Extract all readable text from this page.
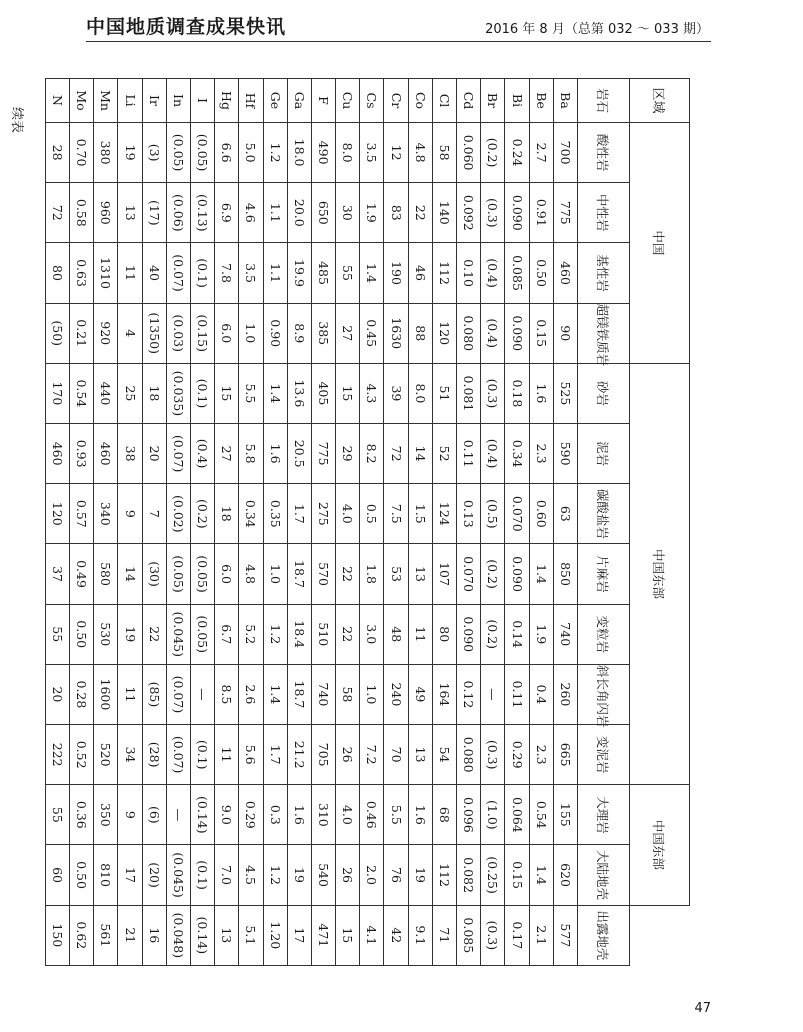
中国地质调查成果快讯	2016 年 8 月（总第 032 ～ 033 期）
续表
区域	中国				中国东部							中国东部		
岩石	酸性岩	中性岩	基性岩	超镁铁质岩	砂岩	泥岩	碳酸盐岩	片麻岩	变粒岩	斜长角闪岩	变泥岩	大理岩	大陆地壳	出露地壳
Ba	700	775	460	90	525	590	63	850	740	260	665	155	620	577
Be	2.7	0.91	0.50	0.15	1.6	2.3	0.60	1.4	1.9	0.4	2.3	0.54	1.4	2.1
Bi	0.24	0.090	0.085	0.090	0.18	0.34	0.070	0.090	0.14	0.11	0.29	0.064	0.15	0.17
Br	(0.2)	(0.3)	(0.4)	(0.4)	(0.3)	(0.4)	(0.5)	(0.2)	(0.2)	—	(0.3)	(1.0)	(0.25)	(0.3)
Cd	0.060	0.092	0.10	0.080	0.081	0.11	0.13	0.070	0.090	0.12	0.080	0.096	0.082	0.085
Cl	58	140	112	120	51	52	124	107	80	164	54	68	112	71
Co	4.8	22	46	88	8.0	14	1.5	13	11	49	13	1.6	19	9.1
Cr	12	83	190	1630	39	72	7.5	53	48	240	70	5.5	76	42
Cs	3.5	1.9	1.4	0.45	4.3	8.2	0.5	1.8	3.0	1.0	7.2	0.46	2.0	4.1
Cu	8.0	30	55	27	15	29	4.0	22	22	58	26	4.0	26	15
F	490	650	485	385	405	775	275	570	510	740	705	310	540	471
Ga	18.0	20.0	19.9	8.9	13.6	20.5	1.7	18.7	18.4	18.7	21.2	1.6	19	17
Ge	1.2	1.1	1.1	0.90	1.4	1.6	0.35	1.0	1.2	1.4	1.7	0.3	1.2	1.20
Hf	5.0	4.6	3.5	1.0	5.5	5.8	0.34	4.8	5.2	2.6	5.6	0.29	4.5	5.1
Hg	6.6	6.9	7.8	6.0	15	27	18	6.0	6.7	8.5	11	9.0	7.0	13
I	(0.05)	(0.13)	(0.1)	(0.15)	(0.1)	(0.4)	(0.2)	(0.05)	(0.05)	—	(0.1)	(0.14)	(0.1)	(0.14)
In	(0.05)	(0.06)	(0.07)	(0.03)	(0.035)	(0.07)	(0.02)	(0.05)	(0.045)	(0.07)	(0.07)	—	(0.045)	(0.048)
Ir	(3)	(17)	40	(1350)	18	20	7	(30)	22	(85)	(28)	(6)	(20)	16
Li	19	13	11	4	25	38	9	14	19	11	34	9	17	21
Mn	380	960	1310	920	440	460	340	580	530	1600	520	350	810	561
Mo	0.70	0.58	0.63	0.21	0.54	0.93	0.57	0.49	0.50	0.28	0.52	0.36	0.50	0.62
N	28	72	80	(50)	170	460	120	37	55	20	222	55	60	150
47
